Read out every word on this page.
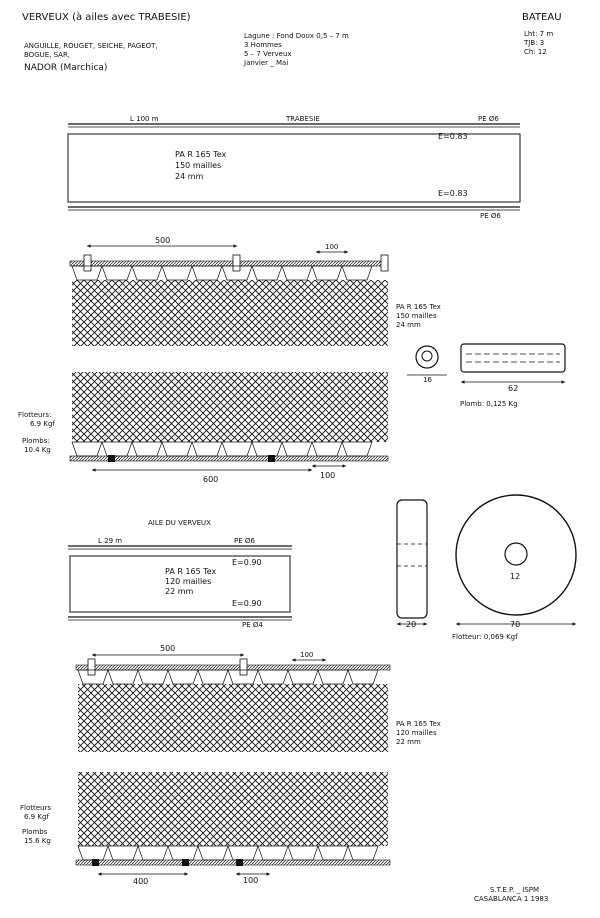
VERVEUX (à ailes avec TRABESIE)
ANGUILLE, ROUGET, SEICHE, PAGEOT,
BOGUE, SAR,
NADOR (Marchica)
Lagune : Fond Doux 0,5 – 7 m
3 Hommes
5 – 7 Verveux
Janvier _ Mai
BATEAU
Lht: 7 m
TJB: 3
Ch: 12
L 100 m	TRABESIE	PE Ø6
PA R 165 Tex
150 mailles
24 mm
E=0.83
E=0.83
PE Ø6
500
100
PA R 165 Tex
150 mailles
24 mm
Flotteurs:
6.9 Kgf
Plombs:
10.4 Kg
600	100
16
62
Plomb: 0,125 Kg
AILE DU VERVEUX
L 29 m	PE Ø6
E=0.90
PA R 165 Tex
120 mailles
22 mm
E=0.90
PE Ø4	20
12
70
Flotteur: 0,069 Kgf
500
100
PA R 165 Tex
120 mailles
22 mm
Flotteurs
6.9 Kgf
Plombs
15.6 Kg
400	100
S.T.E.P. _ ISPM
CASABLANCA 1 1983
